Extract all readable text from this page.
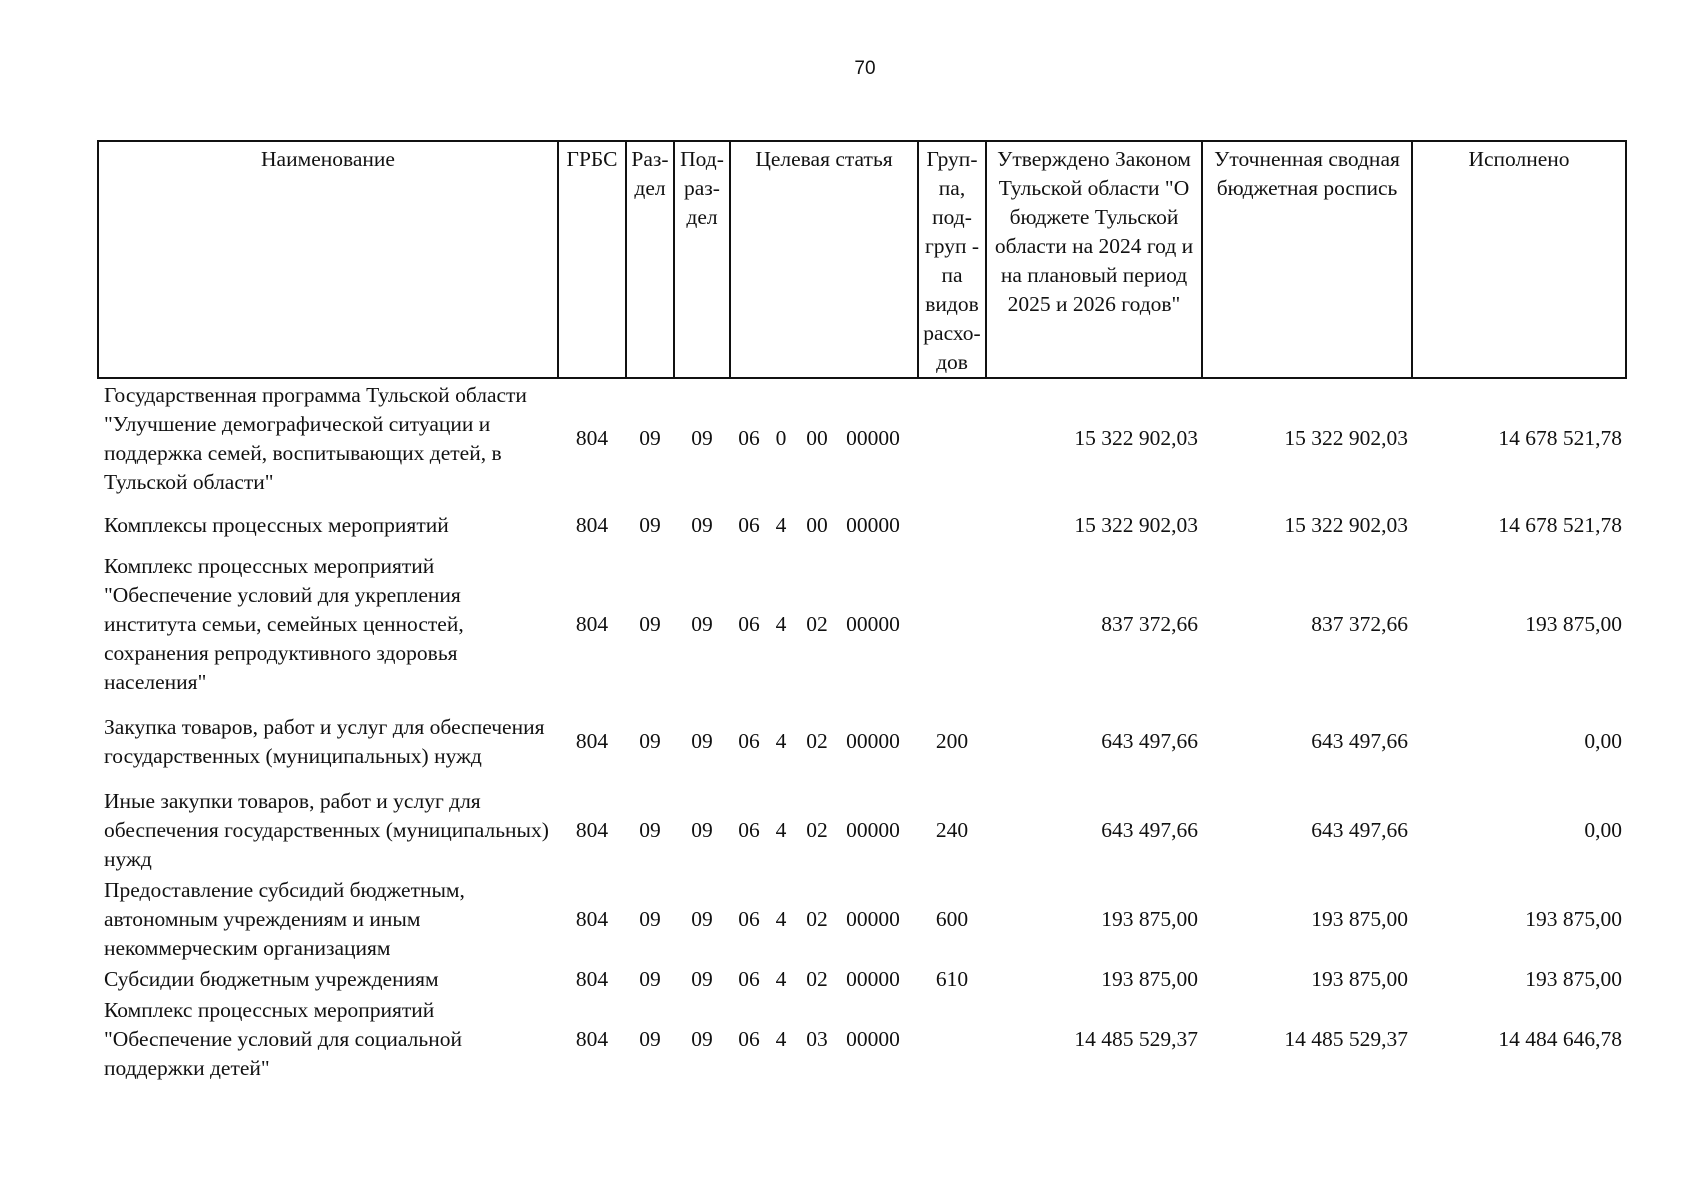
70
Наименование	ГРБС	Раз-дел	Под-раз-дел	Целевая статья	Груп-па, под-груп - па видов расхо-дов	Утверждено Законом Тульской области "О бюджете Тульской области на 2024 год и на плановый период 2025 и 2026 годов"	Уточненная сводная бюджетная роспись	Исполнено
Государственная программа Тульской области "Улучшение демографической ситуации и поддержка семей, воспитывающих детей, в Тульской области"	804	09	09	06 0 00 00000		15 322 902,03	15 322 902,03	14 678 521,78
Комплексы процессных мероприятий	804	09	09	06 4 00 00000		15 322 902,03	15 322 902,03	14 678 521,78
Комплекс процессных мероприятий "Обеспечение условий для укрепления института семьи, семейных ценностей, сохранения репродуктивного здоровья населения"	804	09	09	06 4 02 00000		837 372,66	837 372,66	193 875,00
Закупка товаров, работ и услуг для обеспечения государственных (муниципальных) нужд	804	09	09	06 4 02 00000	200	643 497,66	643 497,66	0,00
Иные закупки товаров, работ и услуг для обеспечения государственных (муниципальных) нужд	804	09	09	06 4 02 00000	240	643 497,66	643 497,66	0,00
Предоставление субсидий бюджетным, автономным учреждениям и иным некоммерческим организациям	804	09	09	06 4 02 00000	600	193 875,00	193 875,00	193 875,00
Субсидии бюджетным учреждениям	804	09	09	06 4 02 00000	610	193 875,00	193 875,00	193 875,00
Комплекс процессных мероприятий "Обеспечение условий для социальной поддержки детей"	804	09	09	06 4 03 00000		14 485 529,37	14 485 529,37	14 484 646,78
